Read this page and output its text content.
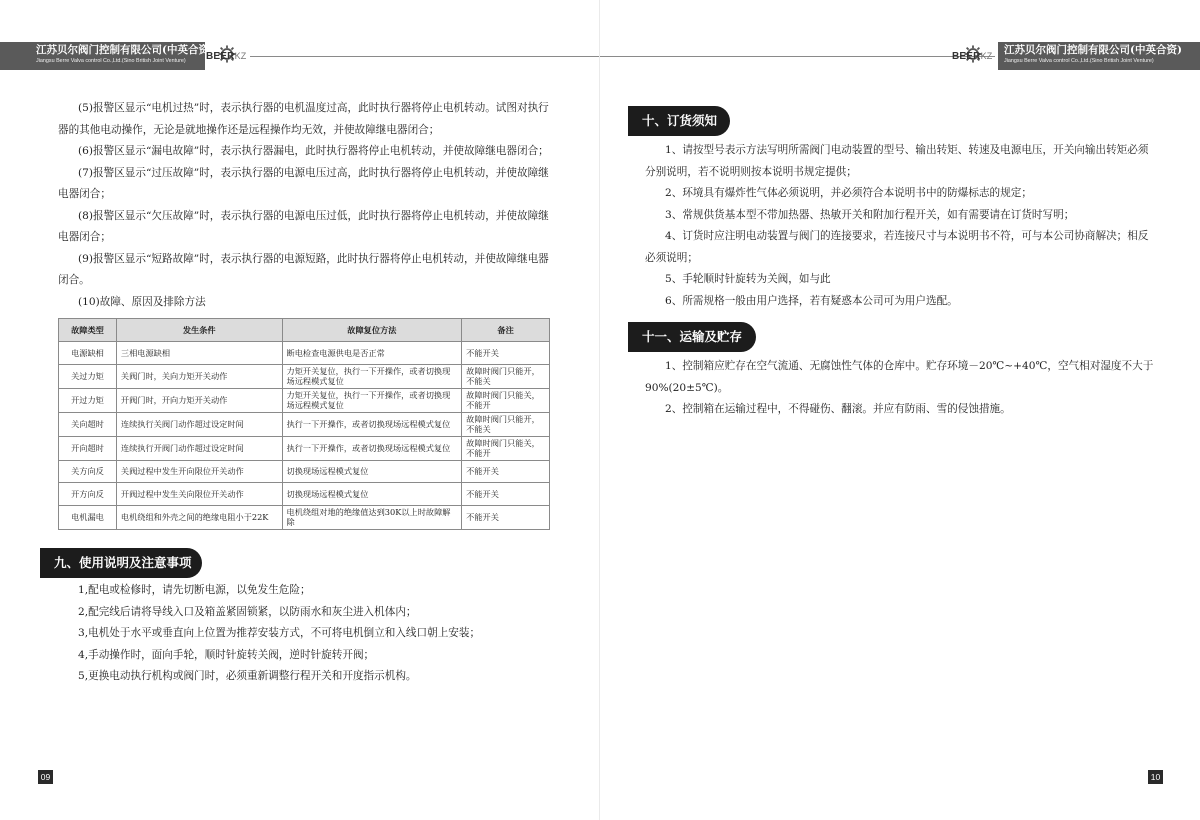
江苏贝尔阀门控制有限公司(中英合资)
Jiangsu Berre Valva control Co.,Ltd.(Sino British Joint Venture)	BEERKZ

(5)报警区显示“电机过热”时，表示执行器的电机温度过高，此时执行器将停止电机转动。试图对执行器的其他电动操作，无论是就地操作还是远程操作均无效，并使故障继电器闭合；

(6)报警区显示“漏电故障”时，表示执行器漏电，此时执行器将停止电机转动，并使故障继电器闭合；

(7)报警区显示“过压故障”时，表示执行器的电源电压过高，此时执行器将停止电机转动，并使故障继电器闭合；

(8)报警区显示“欠压故障”时，表示执行器的电源电压过低，此时执行器将停止电机转动，并使故障继电器闭合；

(9)报警区显示“短路故障”时，表示执行器的电源短路，此时执行器将停止电机转动，并使故障继电器闭合。

(10)故障、原因及排除方法

故障类型	发生条件	故障复位方法	备注
电源缺相	三相电源缺相	断电检查电源供电是否正常	不能开关
关过力矩	关阀门时，关向力矩开关动作	力矩开关复位，执行一下开操作，或者切换现场远程模式复位	故障时阀门只能开，不能关
开过力矩	开阀门时，开向力矩开关动作	力矩开关复位，执行一下开操作，或者切换现场远程模式复位	故障时阀门只能关，不能开
关向超时	连续执行关阀门动作超过设定时间	执行一下开操作，或者切换现场远程模式复位	故障时阀门只能开，不能关
开向超时	连续执行开阀门动作超过设定时间	执行一下开操作，或者切换现场远程模式复位	故障时阀门只能关，不能开
关方向反	关阀过程中发生开向限位开关动作	切换现场远程模式复位	不能开关
开方向反	开阀过程中发生关向限位开关动作	切换现场远程模式复位	不能开关
电机漏电	电机绕组和外壳之间的绝缘电阻小于22K	电机绕组对地的绝缘值达到30K以上时故障解除	不能开关
九、使用说明及注意事项

1,配电或检修时，请先切断电源，以免发生危险；

2,配完线后请将导线入口及箱盖紧固锁紧，以防雨水和灰尘进入机体内；

3,电机处于水平或垂直向上位置为推荐安装方式，不可将电机倒立和入线口朝上安装；

4,手动操作时，面向手轮，顺时针旋转关阀，逆时针旋转开阀；

5,更换电动执行机构或阀门时，必须重新调整行程开关和开度指示机构。

09
BEERKZ 江苏贝尔阀门控制有限公司(中英合资)
Jiangsu Berre Valva control Co.,Ltd.(Sino British Joint Venture)
十、订货须知

1、请按型号表示方法写明所需阀门电动装置的型号、输出转矩、转速及电源电压，开关向输出转矩必须分别说明，若不说明则按本说明书规定提供；

2、环境具有爆炸性气体必须说明，并必须符合本说明书中的防爆标志的规定；

3、常规供货基本型不带加热器、热敏开关和附加行程开关，如有需要请在订货时写明；

4、订货时应注明电动装置与阀门的连接要求，若连接尺寸与本说明书不符，可与本公司协商解决；相反必须说明；

5、手轮顺时针旋转为关阀，如与此

6、所需规格一般由用户选择，若有疑惑本公司可为用户选配。

十一、运输及贮存

1、控制箱应贮存在空气流通、无腐蚀性气体的仓库中。贮存环境－20℃~+40℃，空气相对湿度不大于90%(20±5℃)。

2、控制箱在运输过程中，不得碰伤、翻滚。并应有防雨、雪的侵蚀措施。

10
